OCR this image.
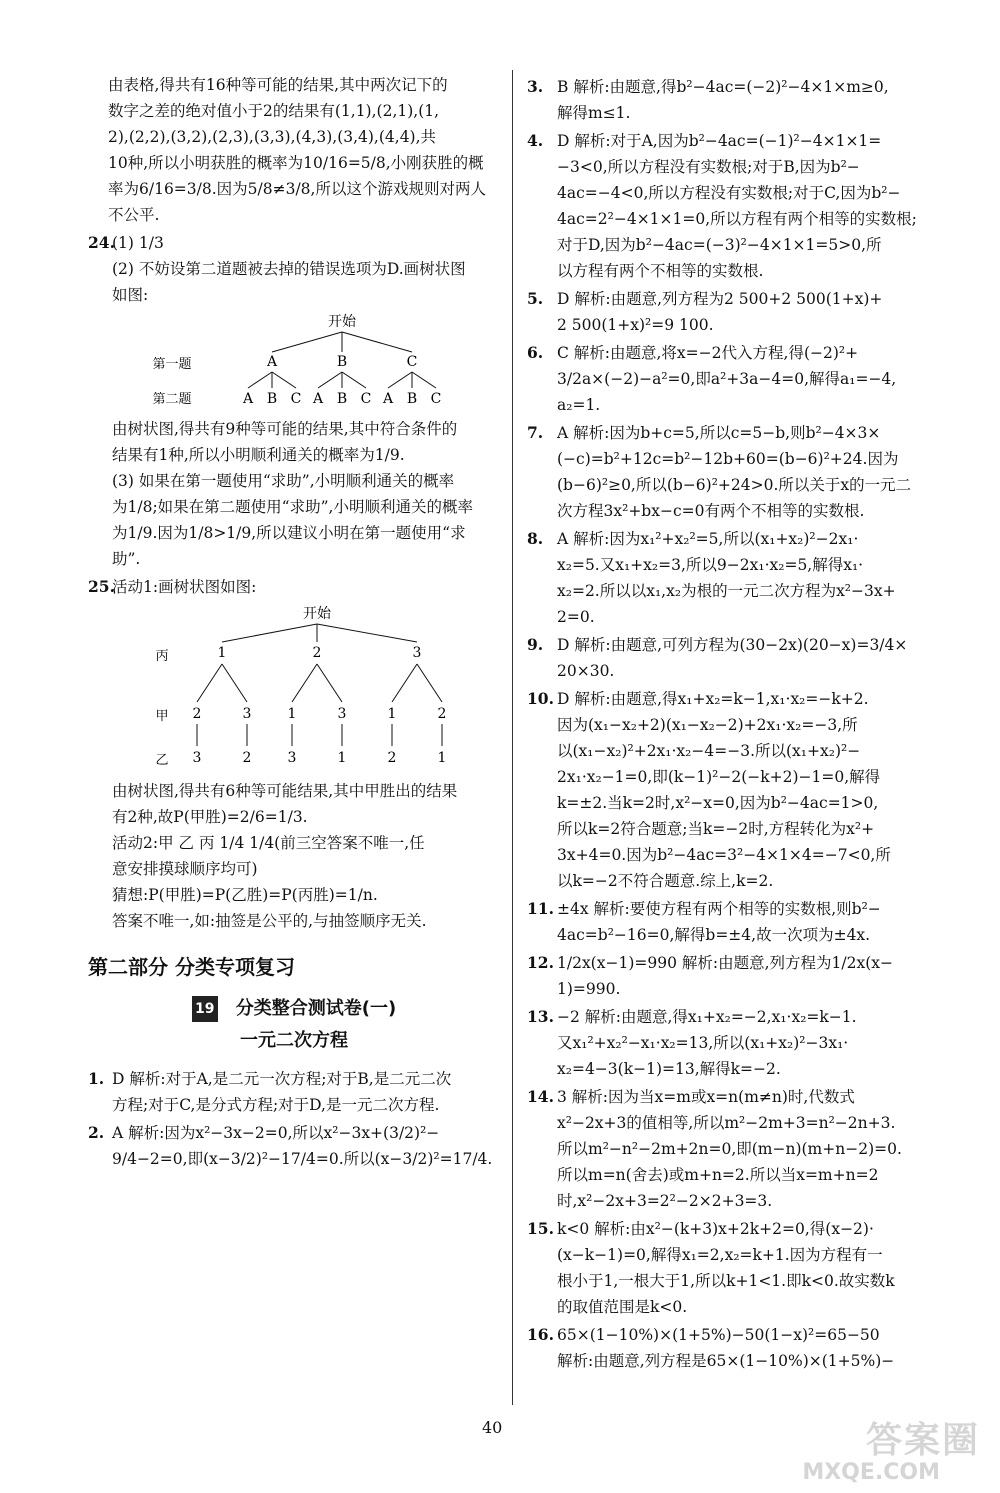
由表格,得共有16种等可能的结果,其中两次记下的

数字之差的绝对值小于2的结果有(1,1),(2,1),(1,

2),(2,2),(3,2),(2,3),(3,3),(4,3),(3,4),(4,4),共

10种,所以小明获胜的概率为10/16=5/8,小刚获胜的概

率为6/16=3/8.因为5/8≠3/8,所以这个游戏规则对两人

不公平.

24.

(1) 1/3

(2) 不妨设第二道题被去掉的错误选项为D.画树状图

如图:

开始
第一题	A	B	C
第二题	A B C A B C A B C

由树状图,得共有9种等可能的结果,其中符合条件的

结果有1种,所以小明顺利通关的概率为1/9.

(3) 如果在第一题使用“求助”,小明顺利通关的概率

为1/8;如果在第二题使用“求助”,小明顺利通关的概率

为1/9.因为1/8>1/9,所以建议小明在第一题使用“求

助”.

25.

活动1:画树状图如图:

开始
丙	1	2	3
甲 2	3	1	3	1	2
乙 3	2	3	1	2	1

由树状图,得共有6种等可能结果,其中甲胜出的结果

有2种,故P(甲胜)=2/6=1/3.

活动2:甲 乙 丙 1/4 1/4(前三空答案不唯一,任

意安排摸球顺序均可)

猜想:P(甲胜)=P(乙胜)=P(丙胜)=1/n.

答案不唯一,如:抽签是公平的,与抽签顺序无关.

第二部分 分类专项复习
19 分类整合测试卷(一)
一元二次方程
1. D 解析:对于A,是二元一次方程;对于B,是二元二次

方程;对于C,是分式方程;对于D,是一元二次方程.

2. A 解析:因为x²−3x−2=0,所以x²−3x+(3/2)²−

9/4−2=0,即(x−3/2)²−17/4=0.所以(x−3/2)²=17/4.

3. B 解析:由题意,得b²−4ac=(−2)²−4×1×m≥0,

解得m≤1.

4. D 解析:对于A,因为b²−4ac=(−1)²−4×1×1=

−3<0,所以方程没有实数根;对于B,因为b²−

4ac=−4<0,所以方程没有实数根;对于C,因为b²−

4ac=2²−4×1×1=0,所以方程有两个相等的实数根;

对于D,因为b²−4ac=(−3)²−4×1×1=5>0,所

以方程有两个不相等的实数根.

5. D 解析:由题意,列方程为2 500+2 500(1+x)+

2 500(1+x)²=9 100.

6. C 解析:由题意,将x=−2代入方程,得(−2)²+

3/2a×(−2)−a²=0,即a²+3a−4=0,解得a₁=−4,

a₂=1.

7. A 解析:因为b+c=5,所以c=5−b,则b²−4×3×

(−c)=b²+12c=b²−12b+60=(b−6)²+24.因为

(b−6)²≥0,所以(b−6)²+24>0.所以关于x的一元二

次方程3x²+bx−c=0有两个不相等的实数根.

8. A 解析:因为x₁²+x₂²=5,所以(x₁+x₂)²−2x₁·

x₂=5.又x₁+x₂=3,所以9−2x₁·x₂=5,解得x₁·

x₂=2.所以以x₁,x₂为根的一元二次方程为x²−3x+

2=0.

9. D 解析:由题意,可列方程为(30−2x)(20−x)=3/4×

20×30.

10. D 解析:由题意,得x₁+x₂=k−1,x₁·x₂=−k+2.

因为(x₁−x₂+2)(x₁−x₂−2)+2x₁·x₂=−3,所

以(x₁−x₂)²+2x₁·x₂−4=−3.所以(x₁+x₂)²−

2x₁·x₂−1=0,即(k−1)²−2(−k+2)−1=0,解得

k=±2.当k=2时,x²−x=0,因为b²−4ac=1>0,

所以k=2符合题意;当k=−2时,方程转化为x²+

3x+4=0.因为b²−4ac=3²−4×1×4=−7<0,所

以k=−2不符合题意.综上,k=2.

11. ±4x 解析:要使方程有两个相等的实数根,则b²−

4ac=b²−16=0,解得b=±4,故一次项为±4x.

12. 1/2x(x−1)=990 解析:由题意,列方程为1/2x(x−

1)=990.

13. −2 解析:由题意,得x₁+x₂=−2,x₁·x₂=k−1.

又x₁²+x₂²−x₁·x₂=13,所以(x₁+x₂)²−3x₁·

x₂=4−3(k−1)=13,解得k=−2.

14. 3 解析:因为当x=m或x=n(m≠n)时,代数式

x²−2x+3的值相等,所以m²−2m+3=n²−2n+3.

所以m²−n²−2m+2n=0,即(m−n)(m+n−2)=0.

所以m=n(舍去)或m+n=2.所以当x=m+n=2

时,x²−2x+3=2²−2×2+3=3.

15. k<0 解析:由x²−(k+3)x+2k+2=0,得(x−2)·

(x−k−1)=0,解得x₁=2,x₂=k+1.因为方程有一

根小于1,一根大于1,所以k+1<1.即k<0.故实数k

的取值范围是k<0.

16. 65×(1−10%)×(1+5%)−50(1−x)²=65−50

解析:由题意,列方程是65×(1−10%)×(1+5%)−

40	答案圈
MXQE.COM
